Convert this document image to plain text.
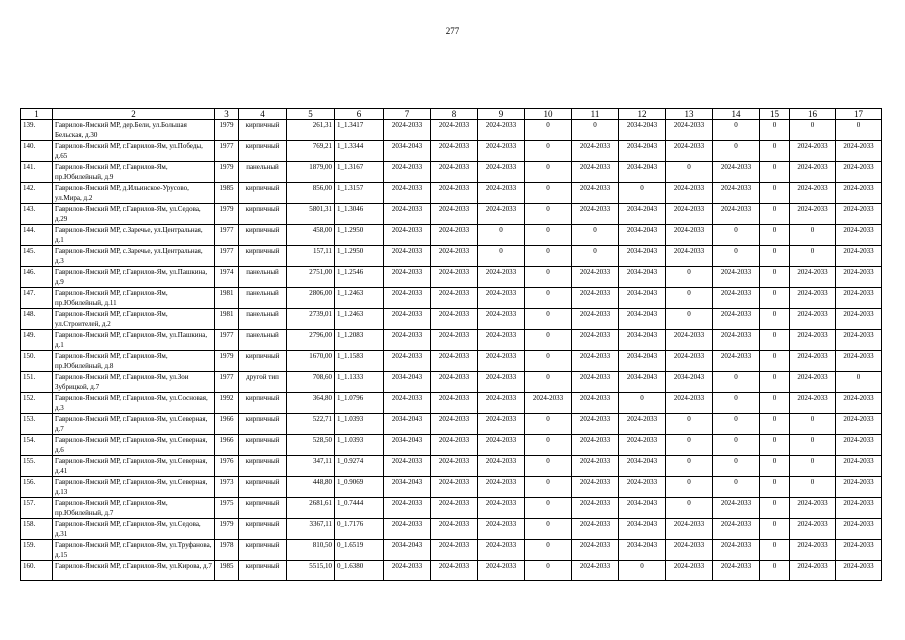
277
1	2	3	4	5	6	7	8	9	10	11	12	13	14	15	16	17
139.	Гаврилов-Ямский МР, дер.Бели, ул.Большая Бельская, д.30	1979	кирпичный	261,31	1_1.3417	2024-2033	2024-2033	2024-2033	0	0	2034-2043	2024-2033	0	0	0	0
140.	Гаврилов-Ямский МР, г.Гаврилов-Ям, ул.Победы, д.65	1977	кирпичный	769,21	1_1.3344	2034-2043	2024-2033	2024-2033	0	2024-2033	2034-2043	2024-2033	0	0	2024-2033	2024-2033
141.	Гаврилов-Ямский МР, г.Гаврилов-Ям, пр.Юбилейный, д.9	1979	панельный	1879,00	1_1.3167	2024-2033	2024-2033	2024-2033	0	2024-2033	2034-2043	0	2024-2033	0	2024-2033	2024-2033
142.	Гаврилов-Ямский МР, д.Ильинское-Урусово, ул.Мира, д.2	1985	кирпичный	856,00	1_1.3157	2024-2033	2024-2033	2024-2033	0	2024-2033	0	2024-2033	2024-2033	0	2024-2033	2024-2033
143.	Гаврилов-Ямский МР, г.Гаврилов-Ям, ул.Седова, д.29	1979	кирпичный	5801,31	1_1.3046	2024-2033	2024-2033	2024-2033	0	2024-2033	2034-2043	2024-2033	2024-2033	0	2024-2033	2024-2033
144.	Гаврилов-Ямский МР, с.Заречье, ул.Центральная, д.1	1977	кирпичный	458,00	1_1.2950	2024-2033	2024-2033	0	0	0	2034-2043	2024-2033	0	0	0	2024-2033
145.	Гаврилов-Ямский МР, с.Заречье, ул.Центральная, д.3	1977	кирпичный	157,11	1_1.2950	2024-2033	2024-2033	0	0	0	2034-2043	2024-2033	0	0	0	2024-2033
146.	Гаврилов-Ямский МР, г.Гаврилов-Ям, ул.Пашкина, д.9	1974	панельный	2751,00	1_1.2546	2024-2033	2024-2033	2024-2033	0	2024-2033	2034-2043	0	2024-2033	0	2024-2033	2024-2033
147.	Гаврилов-Ямский МР, г.Гаврилов-Ям, пр.Юбилейный, д.11	1981	панельный	2806,00	1_1.2463	2024-2033	2024-2033	2024-2033	0	2024-2033	2034-2043	0	2024-2033	0	2024-2033	2024-2033
148.	Гаврилов-Ямский МР, г.Гаврилов-Ям, ул.Строителей, д.2	1981	панельный	2739,01	1_1.2463	2024-2033	2024-2033	2024-2033	0	2024-2033	2034-2043	0	2024-2033	0	2024-2033	2024-2033
149.	Гаврилов-Ямский МР, г.Гаврилов-Ям, ул.Пашкина, д.1	1977	панельный	2796,00	1_1.2083	2024-2033	2024-2033	2024-2033	0	2024-2033	2034-2043	2024-2033	2024-2033	0	2024-2033	2024-2033
150.	Гаврилов-Ямский МР, г.Гаврилов-Ям, пр.Юбилейный, д.8	1979	кирпичный	1670,00	1_1.1583	2024-2033	2024-2033	2024-2033	0	2024-2033	2034-2043	2024-2033	2024-2033	0	2024-2033	2024-2033
151.	Гаврилов-Ямский МР, г.Гаврилов-Ям, ул.Зои Зубрицкой, д.7	1977	другой тип	708,60	1_1.1333	2034-2043	2024-2033	2024-2033	0	2024-2033	2034-2043	2034-2043	0	0	2024-2033	0
152.	Гаврилов-Ямский МР, г.Гаврилов-Ям, ул.Сосновая, д.3	1992	кирпичный	364,80	1_1.0796	2024-2033	2024-2033	2024-2033	2024-2033	2024-2033	0	2024-2033	0	0	2024-2033	2024-2033
153.	Гаврилов-Ямский МР, г.Гаврилов-Ям, ул.Северная, д.7	1966	кирпичный	522,71	1_1.0393	2034-2043	2024-2033	2024-2033	0	2024-2033	2024-2033	0	0	0	0	2024-2033
154.	Гаврилов-Ямский МР, г.Гаврилов-Ям, ул.Северная, д.6	1966	кирпичный	528,50	1_1.0393	2034-2043	2024-2033	2024-2033	0	2024-2033	2024-2033	0	0	0	0	2024-2033
155.	Гаврилов-Ямский МР, г.Гаврилов-Ям, ул.Северная, д.41	1976	кирпичный	347,11	1_0.9274	2024-2033	2024-2033	2024-2033	0	2024-2033	2034-2043	0	0	0	0	2024-2033
156.	Гаврилов-Ямский МР, г.Гаврилов-Ям, ул.Северная, д.13	1973	кирпичный	448,80	1_0.9069	2034-2043	2024-2033	2024-2033	0	2024-2033	2024-2033	0	0	0	0	2024-2033
157.	Гаврилов-Ямский МР, г.Гаврилов-Ям, пр.Юбилейный, д.7	1975	кирпичный	2681,61	1_0.7444	2024-2033	2024-2033	2024-2033	0	2024-2033	2034-2043	0	2024-2033	0	2024-2033	2024-2033
158.	Гаврилов-Ямский МР, г.Гаврилов-Ям, ул.Седова, д.31	1979	кирпичный	3367,11	0_1.7176	2024-2033	2024-2033	2024-2033	0	2024-2033	2034-2043	2024-2033	2024-2033	0	2024-2033	2024-2033
159.	Гаврилов-Ямский МР, г.Гаврилов-Ям, ул.Труфанова, д.15	1978	кирпичный	810,50	0_1.6519	2034-2043	2024-2033	2024-2033	0	2024-2033	2034-2043	2024-2033	2024-2033	0	2024-2033	2024-2033
160.	Гаврилов-Ямский МР, г.Гаврилов-Ям, ул.Кирова, д.7	1985	кирпичный	5515,10	0_1.6380	2024-2033	2024-2033	2024-2033	0	2024-2033	0	2024-2033	2024-2033	0	2024-2033	2024-2033
